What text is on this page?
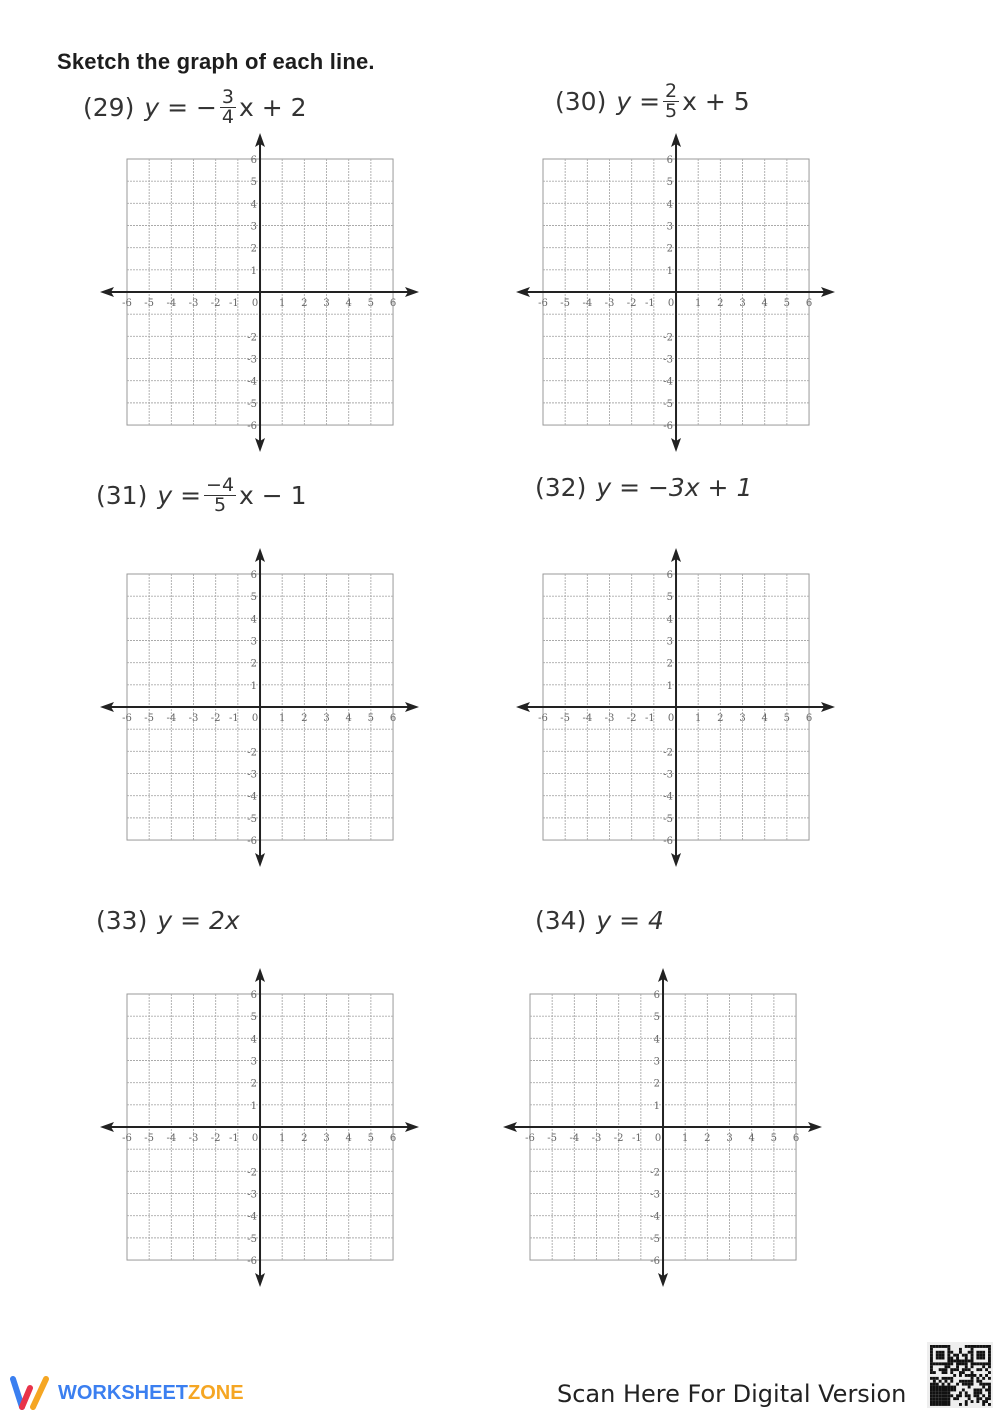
Sketch the graph of each line.
(29) y = − $\frac{3}{4}$ x + 2	(30) $y = \frac{2}{5}$ x + 5
(31) $y = \frac{-4}{5}$ x − 1	(32) y = −3x + 1
(33) y = 2x	(34) y = 4
-6 -5 -4 -3 -2 -1 0 1 2 3 4 5 6
6
5
4
3
2
1
-2
-3
-4
-5
-6
-6 -5 -4 -3 -2 -1 0 1 2 3 4 5 6
6
5
4
3
2
1
-2
-3
-4
-5
-6
-6 -5 -4 -3 -2 -1 0 1 2 3 4 5 6
6
5
4
3
2
1
-2
-3
-4
-5
-6
-6 -5 -4 -3 -2 -1 0 1 2 3 4 5 6
6
5
4
3
2
1
-2
-3
-4
-5
-6
-6 -5 -4 -3 -2 -1 0 1 2 3 4 5 6
6
5
4
3
2
1
-2
-3
-4
-5
-6
-6 -5 -4 -3 -2 -1 0 1 2 3 4 5 6
6
5
4
3
2
1
-2
-3
-4
-5
-6
WORKSHEETZONE	Scan Here For Digital Version
